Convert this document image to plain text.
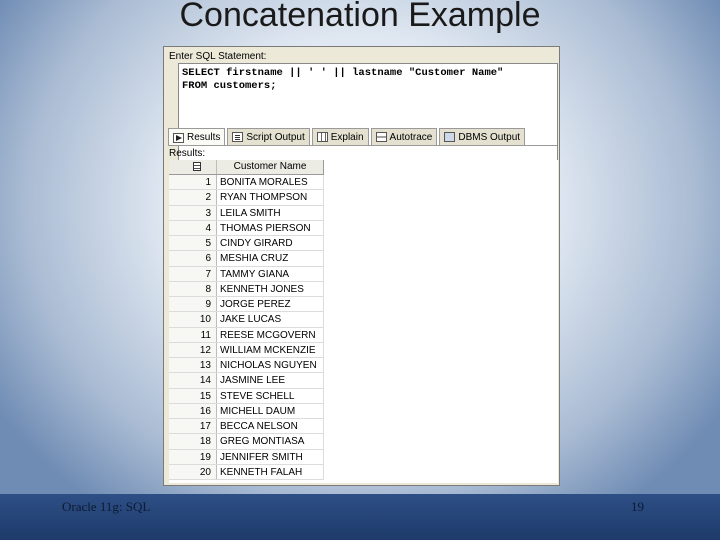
Concatenation Example
Enter SQL Statement:
SELECT firstname || ' ' || lastname "Customer Name"
FROM customers;
Results	Script Output	Explain	Autotrace	DBMS Output
Results:
Customer Name
1 BONITA MORALES
2 RYAN THOMPSON
3 LEILA SMITH
4 THOMAS PIERSON
5 CINDY GIRARD
6 MESHIA CRUZ
7 TAMMY GIANA
8 KENNETH JONES
9 JORGE PEREZ
10 JAKE LUCAS
11 REESE MCGOVERN
12 WILLIAM MCKENZIE
13 NICHOLAS NGUYEN
14 JASMINE LEE
15 STEVE SCHELL
16 MICHELL DAUM
17 BECCA NELSON
18 GREG MONTIASA
19 JENNIFER SMITH
20 KENNETH FALAH
Oracle 11g: SQL	19
